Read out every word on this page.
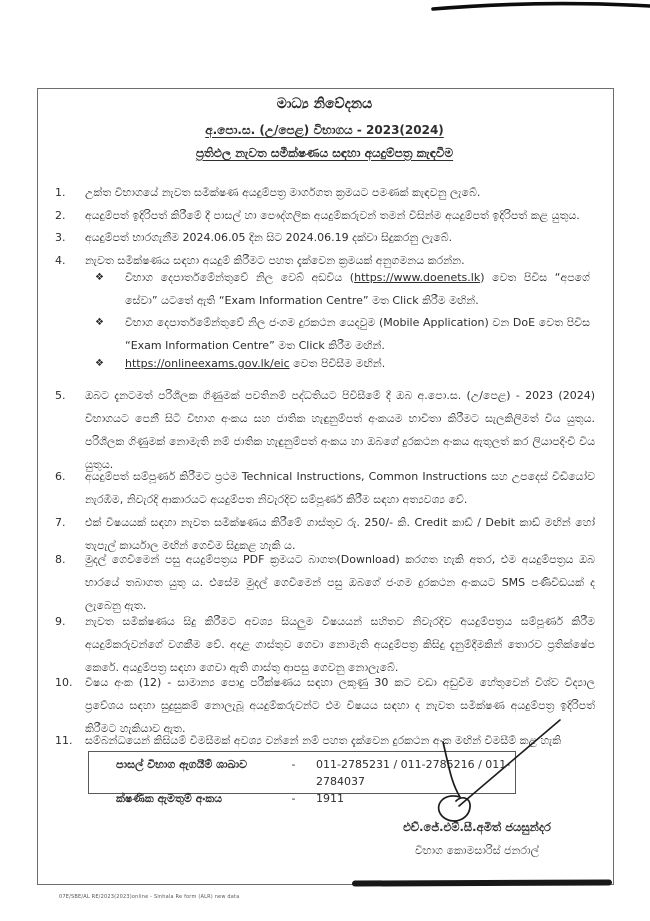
මාධ්‍ය නිවේදනය
අ.පො.ස. (උ/පෙළ) විභාගය - 2023(2024)
ප්‍රතිඵල නැවත සමීක්ෂණය සඳහා අයදුම්පත්‍ර කැඳවීම
1.	උක්ත විභාගයේ නැවත සමීක්ෂණ අයදුම්පත්‍ර මාර්ගගත ක්‍රමයට පමණක් කැඳවනු ලැබේ.
2.	අයදුම්පත් ඉදිරිපත් කිරීමේ දී පාසල් හා පෞද්ගලික අයදුම්කරුවන් තමන් විසින්ම අයදුම්පත් ඉදිරිපත් කළ යුතුය.
3.	අයදුම්පත් භාරගැනීම 2024.06.05 දින සිට 2024.06.19 දක්වා සිදුකරනු ලැබේ.
4.	නැවත සමීක්ෂණය සඳහා අයදුම් කිරීමට පහත දැක්වෙන ක්‍රමයක් අනුගමනය කරන්න.
❖	විභාග දෙපාර්තමේන්තුවේ නිල වෙබ් අඩවිය (https://www.doenets.lk) වෙත පිවිස “අපගේ සේවා” යටතේ ඇති “Exam Information Centre” මත Click කිරීම මඟින්.
❖	විභාග දෙපාර්තමේන්තුවේ නිල ජංගම දුරකථන යෙදවුම (Mobile Application) වන DoE වෙත පිවිස “Exam Information Centre” මත Click කිරීම මඟින්.
❖	https://onlineexams.gov.lk/eic වෙත පිවිසීම මඟින්.
5.	ඔබට දැනටමත් පරිශීලක ගිණුමක් පවතිනම් පද්ධතියට පිවිසීමේ දී ඔබ අ.පො.ස. (උ/පෙළ) - 2023 (2024) විභාගයට පෙනී සිටි විභාග අංකය සහ ජාතික හැඳුනුම්පත් අංකයම භාවිතා කිරීමට සැලකිලිමත් විය යුතුය. පරිශීලක ගිණුමක් නොමැති නම් ජාතික හැඳුනුම්පත් අංකය හා ඔබගේ දුරකථන අංකය ඇතුලත් කර ලියාපදිංචි විය යුතුය.
6.	අයදුම්පත් සම්පූර්ණ කිරීමට ප්‍රථම Technical Instructions, Common Instructions සහ උපදෙස් වීඩියෝව නැරඹීම, නිවැරදි ආකාරයට අයදුම්පත නිවැරදිව සම්පූර්ණ කිරීම සඳහා අත්‍යවශ්‍ය වේ.
7.	එක් විෂයයක් සඳහා නැවත සමීක්ෂණය කිරීමේ ගාස්තුව රු. 250/- කි. Credit කාඩ් / Debit කාඩ් මඟින් හෝ තැපැල් කාර්යාල මඟින් ගෙවීම සිදුකළ හැකි ය.
8.	මුදල් ගෙවීමෙන් පසු අයදුම්පත්‍රය PDF ක්‍රමයට බාගත(Download) කරගත හැකි අතර, එම අයදුම්පත්‍රය ඔබ භාරයේ තබාගත යුතු ය. එසේම මුදල් ගෙවීමෙන් පසු ඔබගේ ජංගම දුරකථන අංකයට SMS පණිවිඩයක් ද ලැබෙනු ඇත.
9.	නැවත සමීක්ෂණය සිදු කිරීමට අවශ්‍ය සියලුම විෂයයන් සහිතව නිවැරදිව අයදුම්පත්‍රය සම්පූර්ණ කිරීම අයදුම්කරුවන්ගේ වගකීම වේ. අදාළ ගාස්තුව ගෙවා නොමැති අයදුම්පත්‍ර කිසිදු දැනුම්දීමකින් තොරව ප්‍රතික්ෂේප කෙරේ. අයදුම්පත්‍ර සඳහා ගෙවා ඇති ගාස්තු ආපසු ගෙවනු නොලැබේ.
10.	විෂය අංක (12) - සාමාන්‍ය පොදු පරීක්ෂණය සඳහා ලකුණු 30 කට වඩා අඩුවීම හේතුවෙන් විශ්ව විද්‍යාල ප්‍රවේශය සඳහා සුදුසුකම් නොලැබූ අයදුම්කරුවන්ට එම විෂයය සඳහා ද නැවත සමීක්ෂණ අයදුම්පත්‍ර ඉදිරිපත් කිරීමට හැකියාව ඇත.
11.	සම්බන්ධයෙන් කිසියම් විමසීමක් අවශ්‍ය වන්නේ නම් පහත දැක්වෙන දුරකථන අංක මඟින් විමසීම් කළ හැකි
පාසල් විභාග ඇගයීම් ශාඛාව	-	011-2785231 / 011-2785216 / 011-2784037
ක්ෂණික ඇමතුම් අංකය	-	1911
එච්.ජේ.එම්.සී.අමිත් ජයසුන්දර
විභාග කොමසාරිස් ජනරාල්
07E/SBE/AL RE/2023(2023)online - Sinhala Re form (ALR) new data
